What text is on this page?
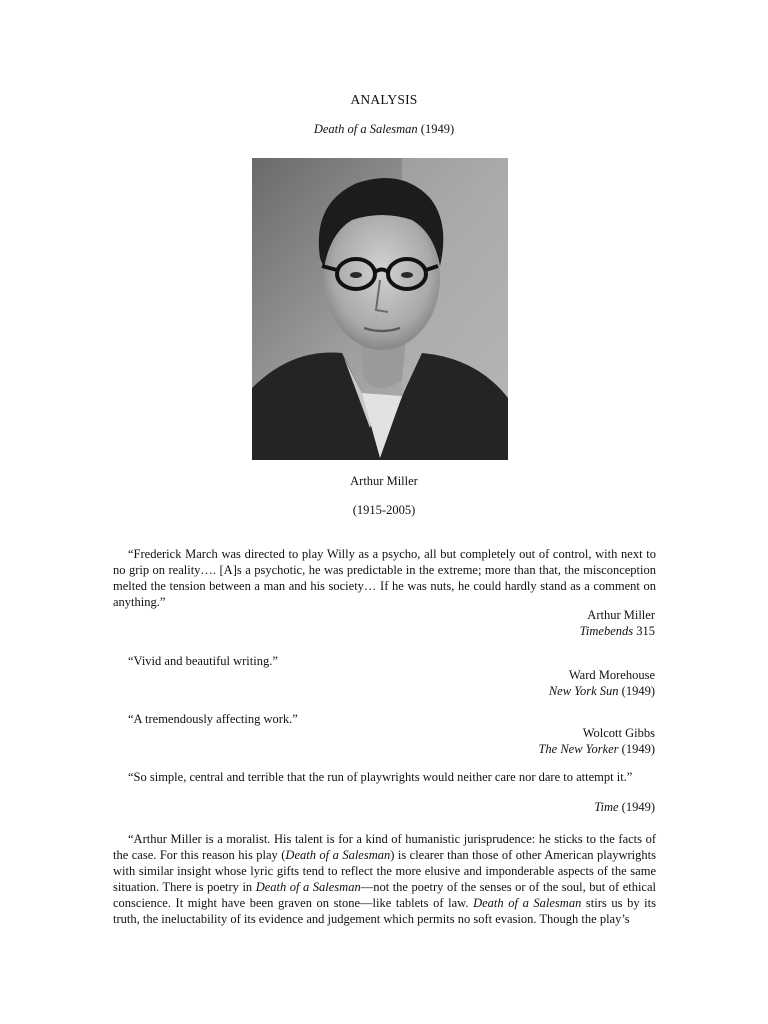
ANALYSIS
Death of a Salesman (1949)
Arthur Miller
(1915-2005)

“Frederick March was directed to play Willy as a psycho, all but completely out of control, with next to no grip on reality…. [A]s a psychotic, he was predictable in the extreme; more than that, the misconception melted the tension between a man and his society… If he was nuts, he could hardly stand as a comment on anything.”

Arthur Miller
Timebends 315

“Vivid and beautiful writing.”

Ward Morehouse
New York Sun (1949)

“A tremendously affecting work.”

Wolcott Gibbs
The New Yorker (1949)

“So simple, central and terrible that the run of playwrights would neither care nor dare to attempt it.”

Time (1949)

“Arthur Miller is a moralist. His talent is for a kind of humanistic jurisprudence: he sticks to the facts of the case. For this reason his play (Death of a Salesman) is clearer than those of other American playwrights with similar insight whose lyric gifts tend to reflect the more elusive and imponderable aspects of the same situation. There is poetry in Death of a Salesman—not the poetry of the senses or of the soul, but of ethical conscience. It might have been graven on stone—like tablets of law. Death of a Salesman stirs us by its truth, the ineluctability of its evidence and judgement which permits no soft evasion. Though the play’s
